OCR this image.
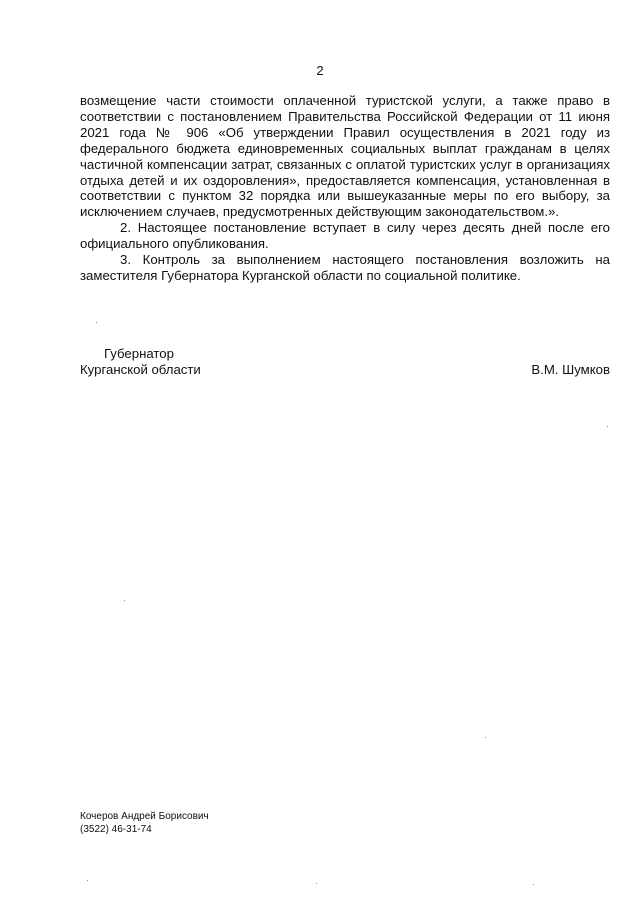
2

возмещение части стоимости оплаченной туристской услуги, а также право в соответствии с постановлением Правительства Российской Федерации от 11 июня 2021 года № 906 «Об утверждении Правил осуществления в 2021 году из федерального бюджета единовременных социальных выплат гражданам в целях частичной компенсации затрат, связанных с оплатой туристских услуг в организациях отдыха детей и их оздоровления», предоставляется компенсация, установленная в соответствии с пунктом 32 порядка или вышеуказанные меры по его выбору, за исключением случаев, предусмотренных действующим законодательством.».

2. Настоящее постановление вступает в силу через десять дней после его официального опубликования.

3. Контроль за выполнением настоящего постановления возложить на заместителя Губернатора Курганской области по социальной политике.

Губернатор
Курганской области	В.М. Шумков
Кочеров Андрей Борисович
(3522) 46-31-74
